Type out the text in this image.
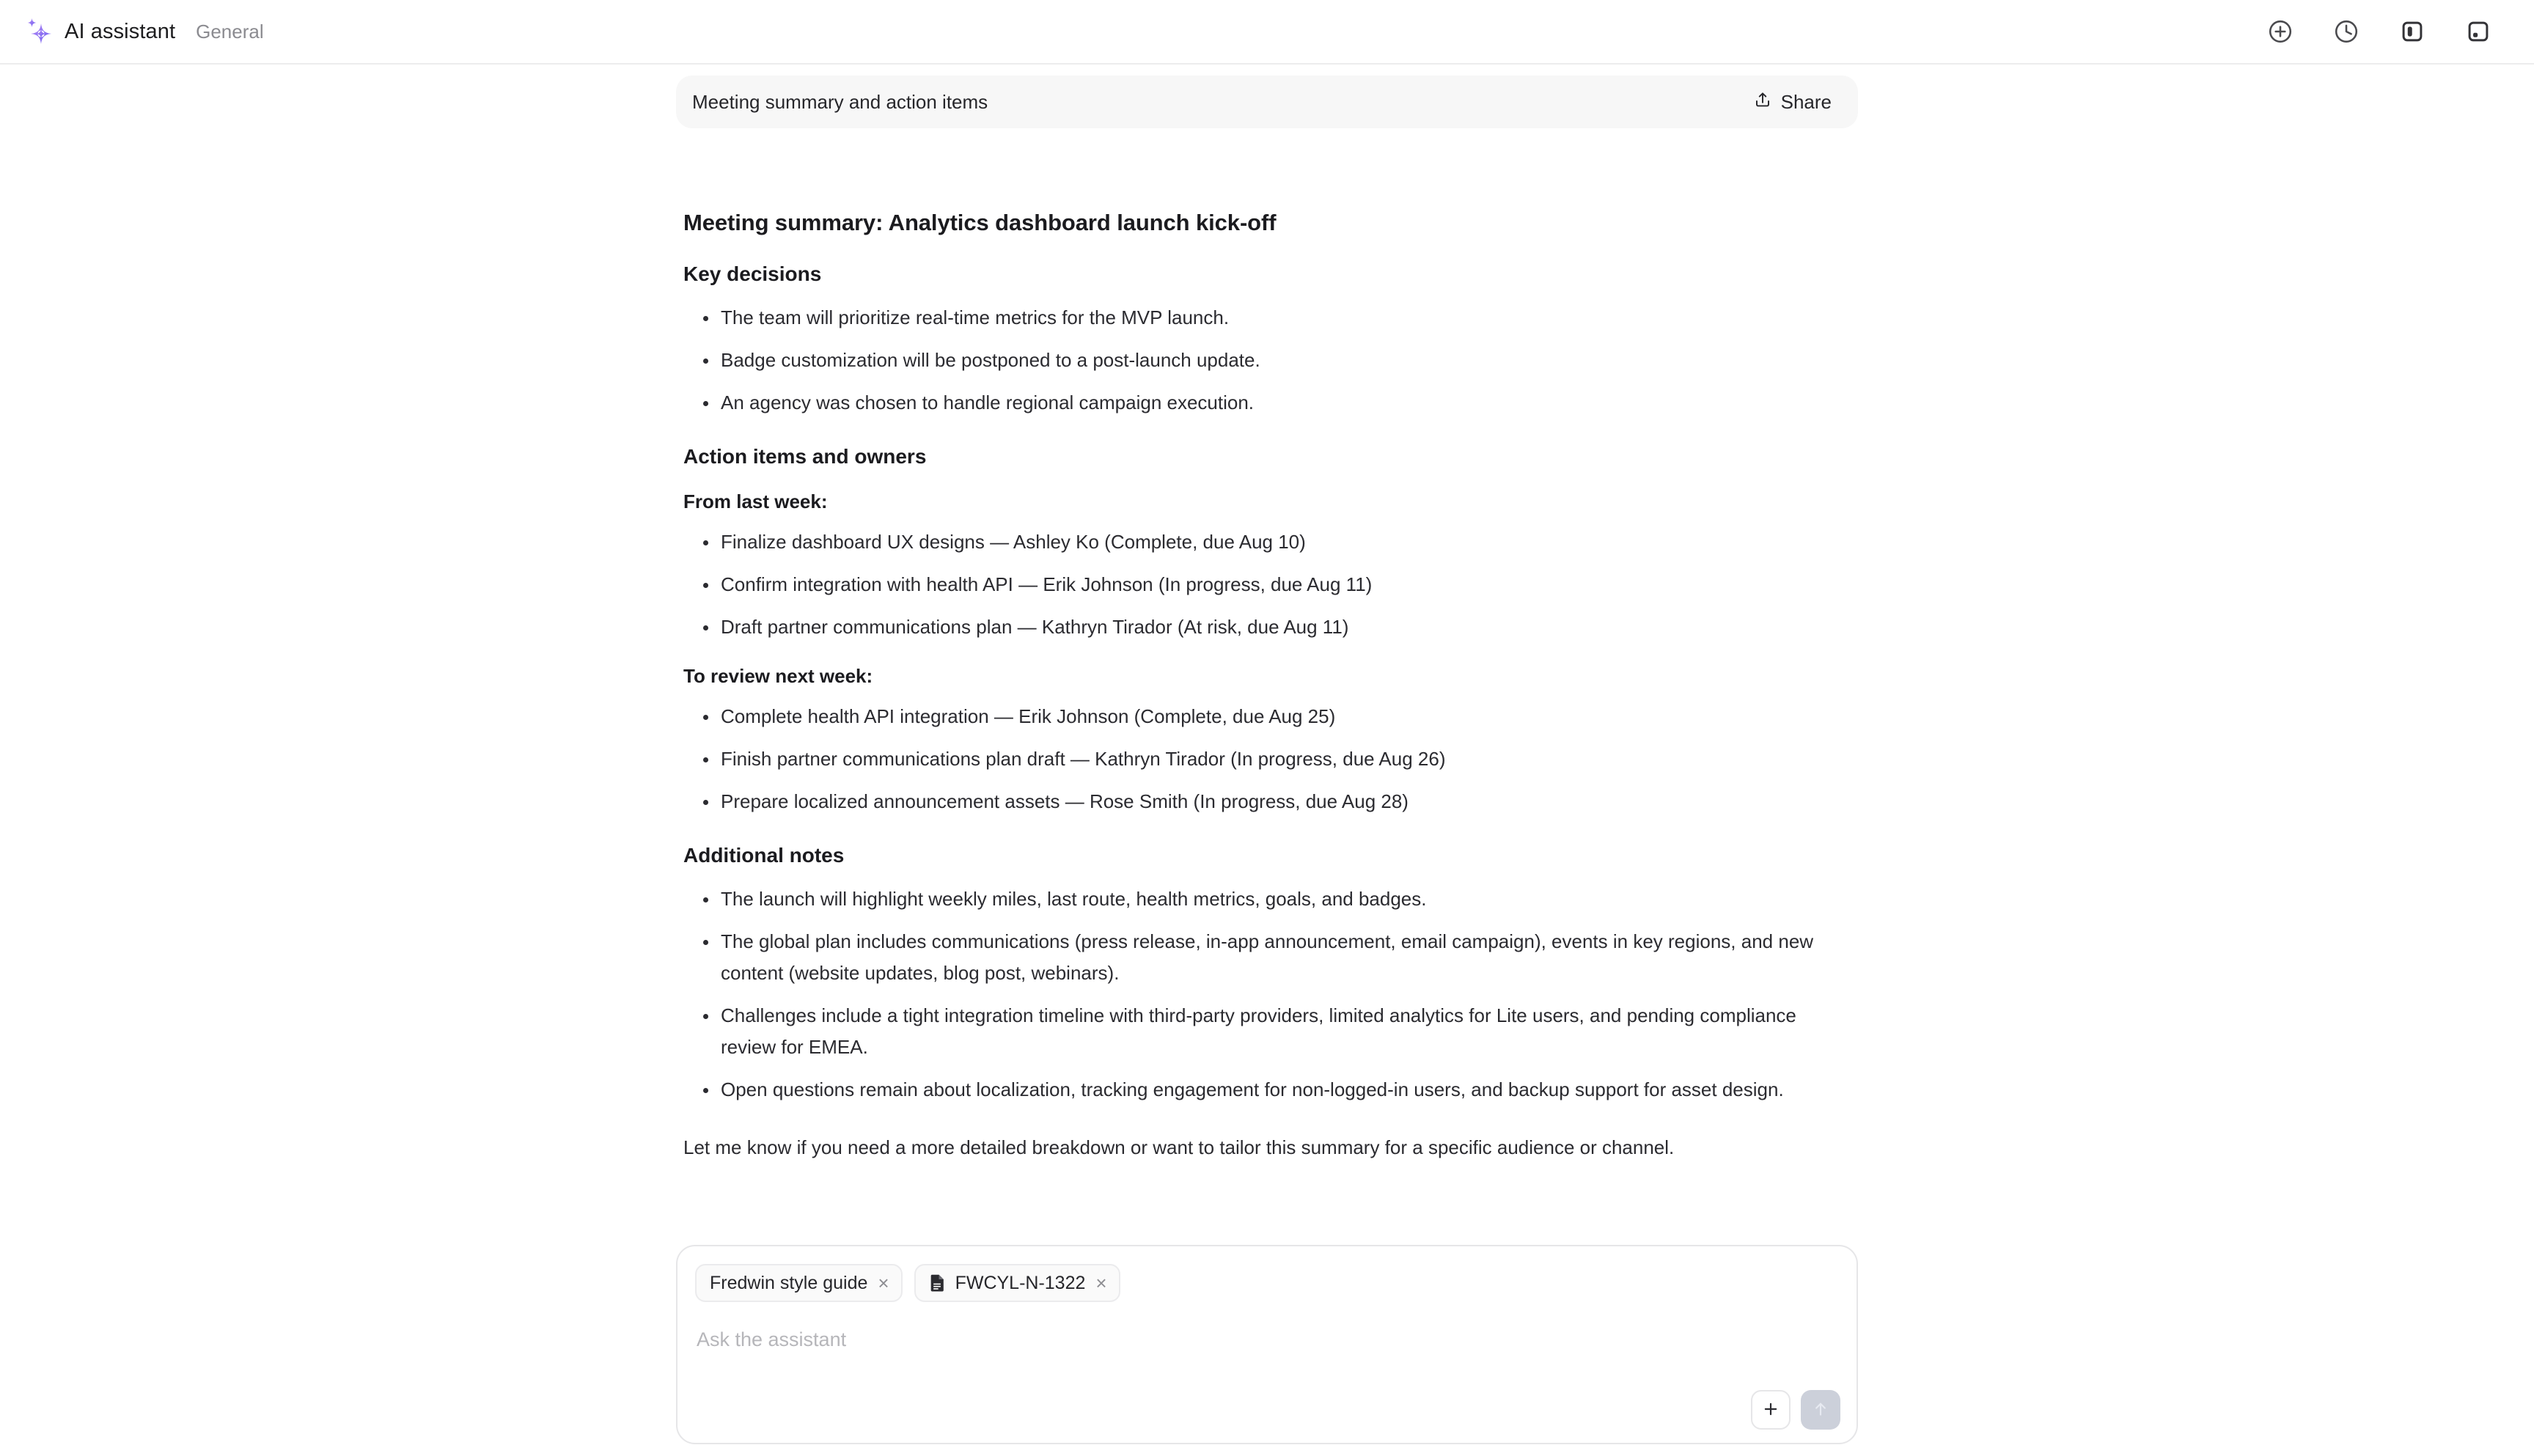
AI assistant General
Meeting summary and action items	Share
Meeting summary: Analytics dashboard launch kick-off
Key decisions
The team will prioritize real-time metrics for the MVP launch.
Badge customization will be postponed to a post-launch update.
An agency was chosen to handle regional campaign execution.
Action items and owners
From last week:
Finalize dashboard UX designs — Ashley Ko (Complete, due Aug 10)
Confirm integration with health API — Erik Johnson (In progress, due Aug 11)
Draft partner communications plan — Kathryn Tirador (At risk, due Aug 11)
To review next week:
Complete health API integration — Erik Johnson (Complete, due Aug 25)
Finish partner communications plan draft — Kathryn Tirador (In progress, due Aug 26)
Prepare localized announcement assets — Rose Smith (In progress, due Aug 28)
Additional notes
The launch will highlight weekly miles, last route, health metrics, goals, and badges.
The global plan includes communications (press release, in-app announcement, email campaign), events in key regions, and new content (website updates, blog post, webinars).
Challenges include a tight integration timeline with third-party providers, limited analytics for Lite users, and pending compliance review for EMEA.
Open questions remain about localization, tracking engagement for non-logged-in users, and backup support for asset design.

Let me know if you need a more detailed breakdown or want to tailor this summary for a specific audience or channel.

Fredwin style guide ×	FWCYL-N-1322 ×
Ask the assistant
